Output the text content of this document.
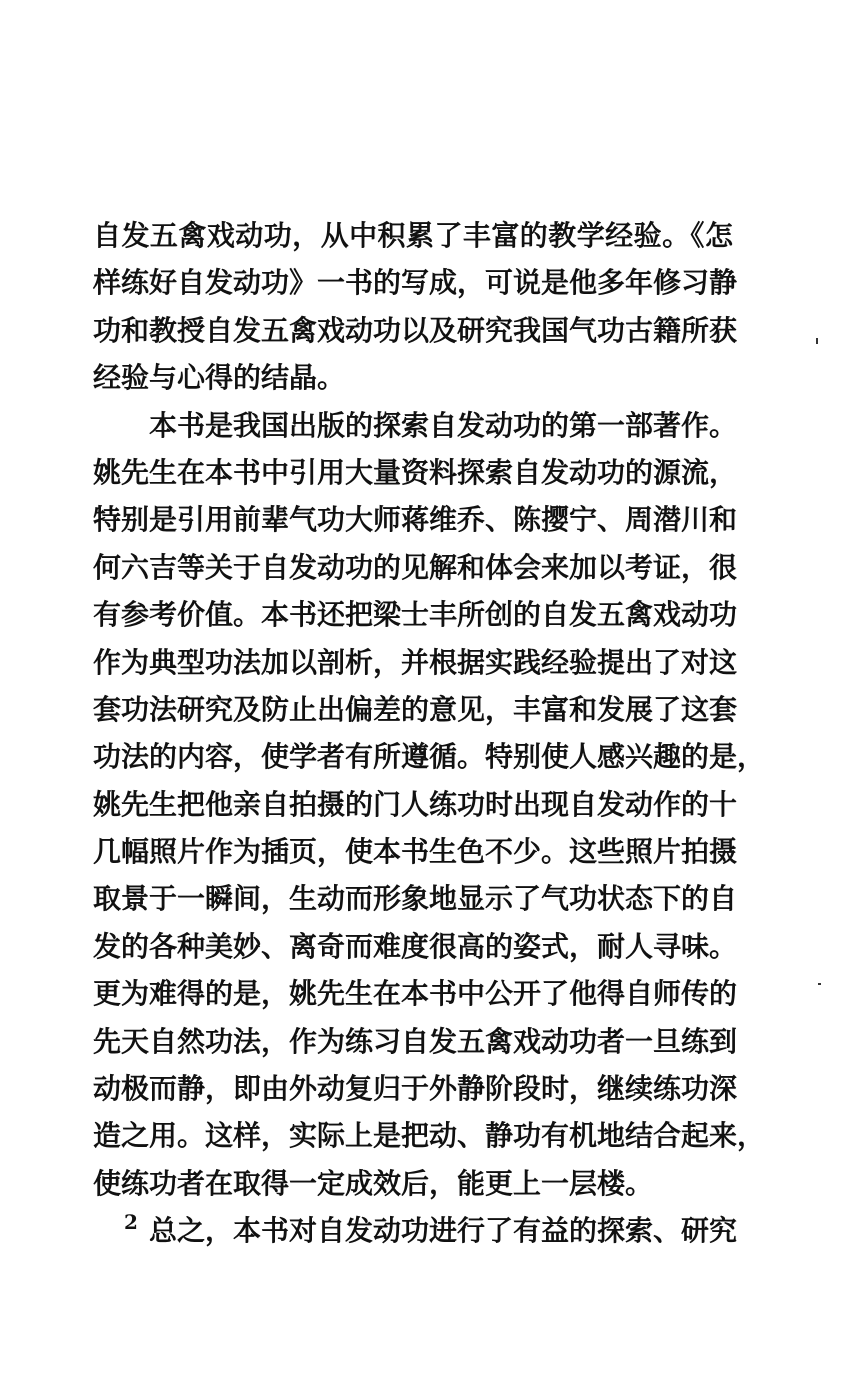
自发五禽戏动功，从中积累了丰富的教学经验。《怎
样练好自发动功》一书的写成，可说是他多年修习静
功和教授自发五禽戏动功以及研究我国气功古籍所获
经验与心得的结晶。
本书是我国出版的探索自发动功的第一部著作。
姚先生在本书中引用大量资料探索自发动功的源流，
特别是引用前辈气功大师蒋维乔、陈撄宁、周潜川和
何六吉等关于自发动功的见解和体会来加以考证，很
有参考价值。本书还把梁士丰所创的自发五禽戏动功
作为典型功法加以剖析，并根据实践经验提出了对这
套功法研究及防止出偏差的意见，丰富和发展了这套
功法的内容，使学者有所遵循。特别使人感兴趣的是，
姚先生把他亲自拍摄的门人练功时出现自发动作的十
几幅照片作为插页，使本书生色不少。这些照片拍摄
取景于一瞬间，生动而形象地显示了气功状态下的自
发的各种美妙、离奇而难度很高的姿式，耐人寻味。
更为难得的是，姚先生在本书中公开了他得自师传的
先天自然功法，作为练习自发五禽戏动功者一旦练到
动极而静，即由外动复归于外静阶段时，继续练功深
造之用。这样，实际上是把动、静功有机地结合起来，
使练功者在取得一定成效后，能更上一层楼。
总之，本书对自发动功进行了有益的探索、研究
2
